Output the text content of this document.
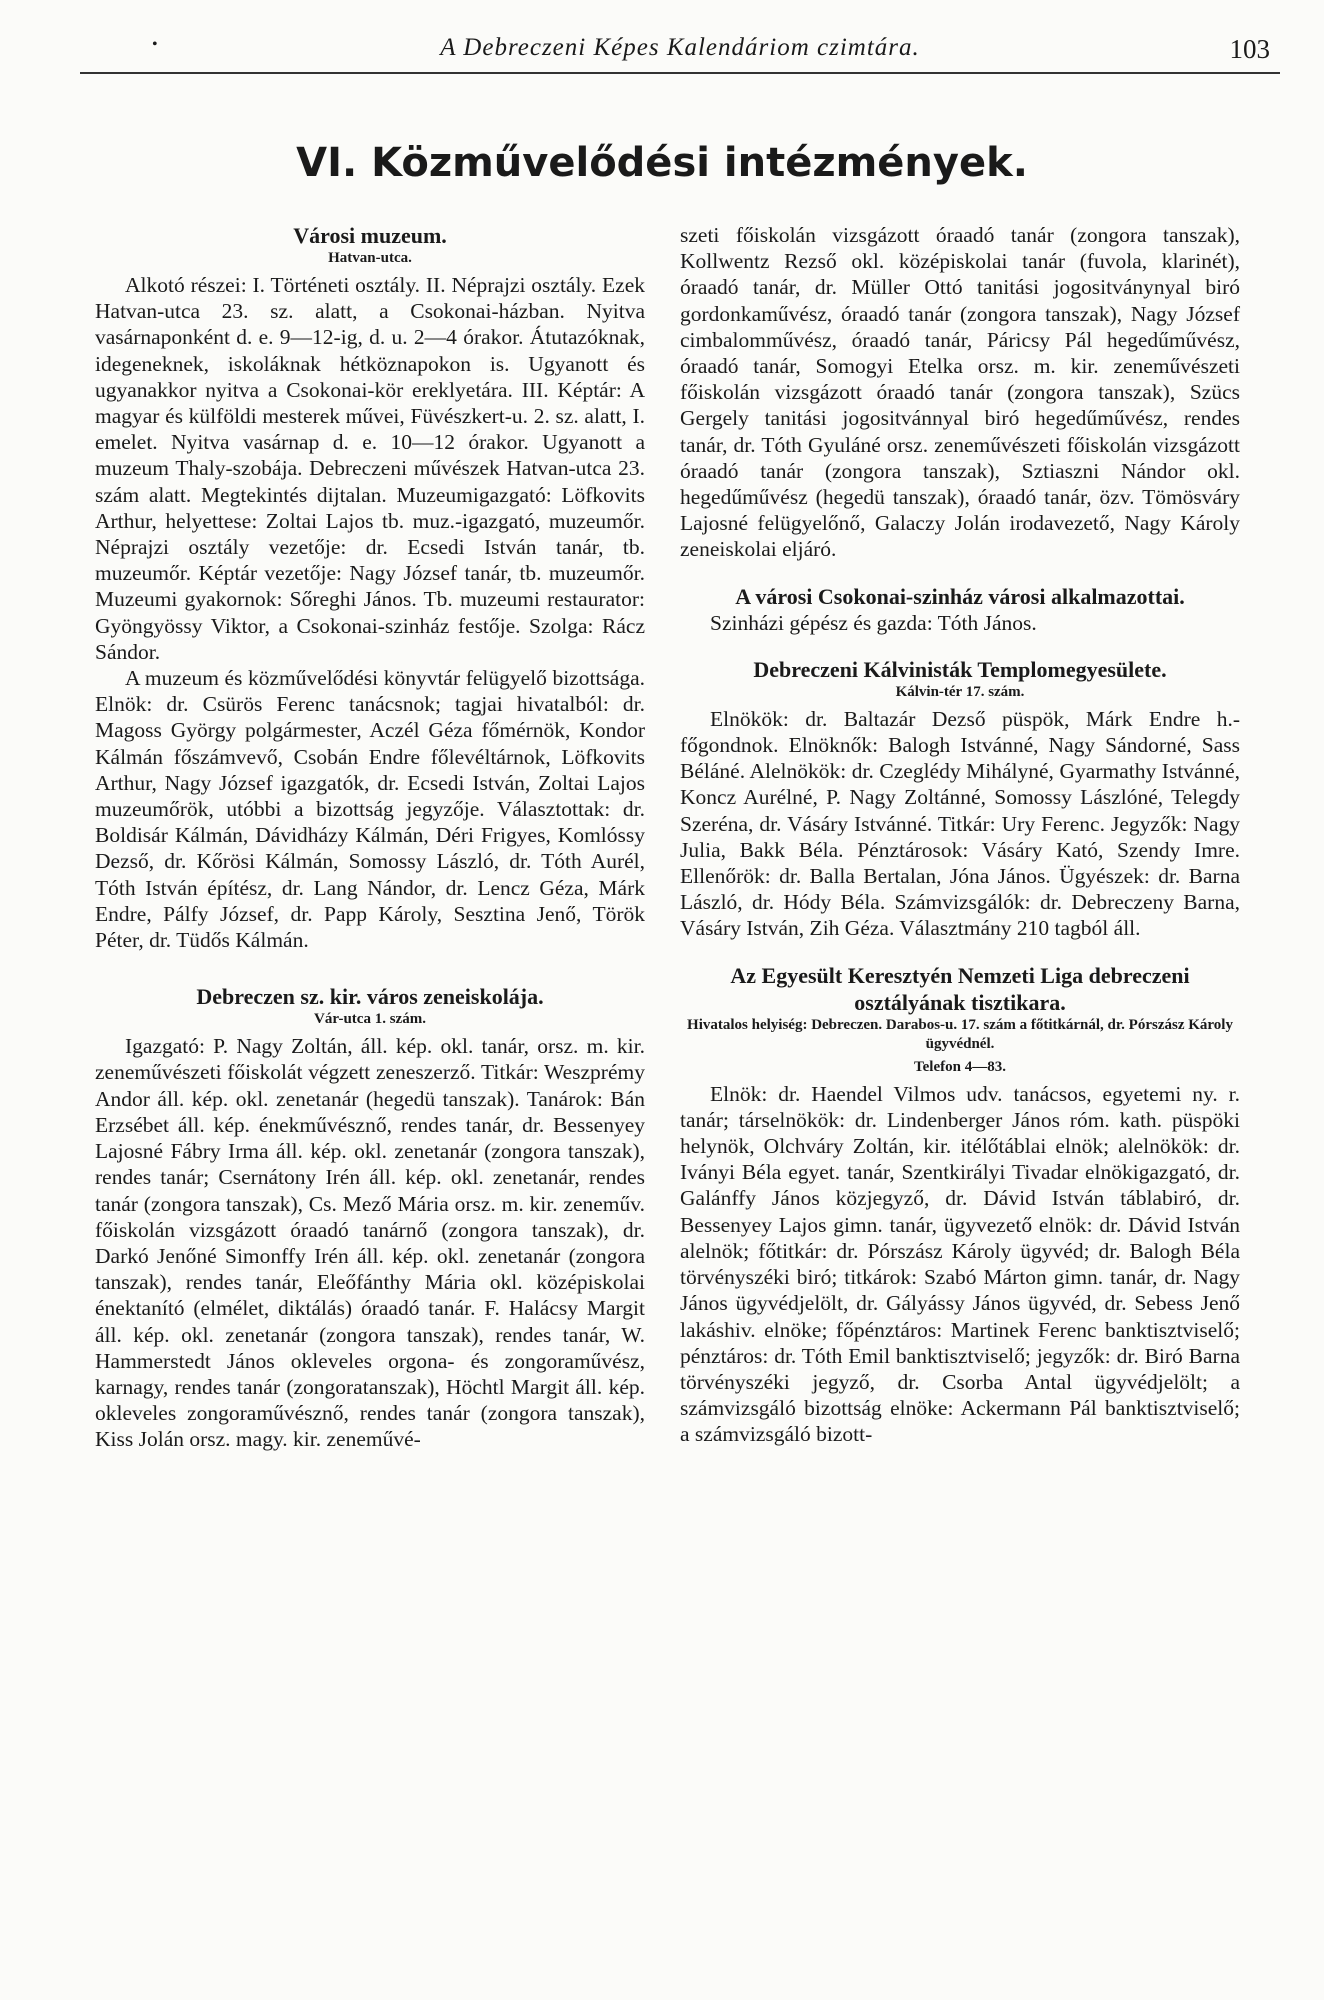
•	A Debreczeni Képes Kalendáriom czimtára.	103
VI. Közművelődési intézmények.
Városi muzeum.
Hatvan-utca.

Alkotó részei: I. Történeti osztály. II. Néprajzi osztály. Ezek Hatvan-utca 23. sz. alatt, a Csokonai-házban. Nyitva vasárnaponként d. e. 9—12-ig, d. u. 2—4 órakor. Átutazóknak, idegeneknek, iskoláknak hétköznapokon is. Ugyanott és ugyanakkor nyitva a Csokonai-kör ereklyetára. III. Képtár: A magyar és külföldi mesterek művei, Füvészkert-u. 2. sz. alatt, I. emelet. Nyitva vasárnap d. e. 10—12 órakor. Ugyanott a muzeum Thaly-szobája. Debreczeni művészek Hatvan-utca 23. szám alatt. Megtekintés dijtalan. Muzeumigazgató: Löfkovits Arthur, helyettese: Zoltai Lajos tb. muz.-igazgató, muzeumőr. Néprajzi osztály vezetője: dr. Ecsedi István tanár, tb. muzeumőr. Képtár vezetője: Nagy József tanár, tb. muzeumőr. Muzeumi gyakornok: Sőreghi János. Tb. muzeumi restaurator: Gyöngyössy Viktor, a Csokonai-szinház festője. Szolga: Rácz Sándor.

A muzeum és közművelődési könyvtár felügyelő bizottsága. Elnök: dr. Csürös Ferenc tanácsnok; tagjai hivatalból: dr. Magoss György polgármester, Aczél Géza főmérnök, Kondor Kálmán főszámvevő, Csobán Endre főlevéltárnok, Löfkovits Arthur, Nagy József igazgatók, dr. Ecsedi István, Zoltai Lajos muzeumőrök, utóbbi a bizottság jegyzője. Választottak: dr. Boldisár Kálmán, Dávidházy Kálmán, Déri Frigyes, Komlóssy Dezső, dr. Kőrösi Kálmán, Somossy László, dr. Tóth Aurél, Tóth István építész, dr. Lang Nándor, dr. Lencz Géza, Márk Endre, Pálfy József, dr. Papp Károly, Sesztina Jenő, Török Péter, dr. Tüdős Kálmán.

Debreczen sz. kir. város zeneiskolája.
Vár-utca 1. szám.

Igazgató: P. Nagy Zoltán, áll. kép. okl. tanár, orsz. m. kir. zeneművészeti főiskolát végzett zeneszerző. Titkár: Weszprémy Andor áll. kép. okl. zenetanár (hegedü tanszak). Tanárok: Bán Erzsébet áll. kép. énekművésznő, rendes tanár, dr. Bessenyey Lajosné Fábry Irma áll. kép. okl. zenetanár (zongora tanszak), rendes tanár; Csernátony Irén áll. kép. okl. zenetanár, rendes tanár (zongora tanszak), Cs. Mező Mária orsz. m. kir. zeneműv. főiskolán vizsgázott óraadó tanárnő (zongora tanszak), dr. Darkó Jenőné Simonffy Irén áll. kép. okl. zenetanár (zongora tanszak), rendes tanár, Eleőfánthy Mária okl. középiskolai énektanító (elmélet, diktálás) óraadó tanár. F. Halácsy Margit áll. kép. okl. zenetanár (zongora tanszak), rendes tanár, W. Hammerstedt János okleveles orgona- és zongoraművész, karnagy, rendes tanár (zongoratanszak), Höchtl Margit áll. kép. okleveles zongoraművésznő, rendes tanár (zongora tanszak), Kiss Jolán orsz. magy. kir. zeneművé-

szeti főiskolán vizsgázott óraadó tanár (zongora tanszak), Kollwentz Rezső okl. középiskolai tanár (fuvola, klarinét), óraadó tanár, dr. Müller Ottó tanitási jogositványnyal biró gordonkaművész, óraadó tanár (zongora tanszak), Nagy József cimbalomművész, óraadó tanár, Páricsy Pál hegedűművész, óraadó tanár, Somogyi Etelka orsz. m. kir. zeneművészeti főiskolán vizsgázott óraadó tanár (zongora tanszak), Szücs Gergely tanitási jogositvánnyal biró hegedűművész, rendes tanár, dr. Tóth Gyuláné orsz. zeneművészeti főiskolán vizsgázott óraadó tanár (zongora tanszak), Sztiaszni Nándor okl. hegedűművész (hegedü tanszak), óraadó tanár, özv. Tömösváry Lajosné felügyelőnő, Galaczy Jolán irodavezető, Nagy Károly zeneiskolai eljáró.

A városi Csokonai-szinház városi alkalmazottai.

Szinházi gépész és gazda: Tóth János.

Debreczeni Kálvinisták Templomegyesülete.
Kálvin-tér 17. szám.

Elnökök: dr. Baltazár Dezső püspök, Márk Endre h.-főgondnok. Elnöknők: Balogh Istvánné, Nagy Sándorné, Sass Béláné. Alelnökök: dr. Czeglédy Mihályné, Gyarmathy Istvánné, Koncz Aurélné, P. Nagy Zoltánné, Somossy Lászlóné, Telegdy Szeréna, dr. Vásáry Istvánné. Titkár: Ury Ferenc. Jegyzők: Nagy Julia, Bakk Béla. Pénztárosok: Vásáry Kató, Szendy Imre. Ellenőrök: dr. Balla Bertalan, Jóna János. Ügyészek: dr. Barna László, dr. Hódy Béla. Számvizsgálók: dr. Debreczeny Barna, Vásáry István, Zih Géza. Választmány 210 tagból áll.

Az Egyesült Keresztyén Nemzeti Liga debreczeni osztályának tisztikara.
Hivatalos helyiség: Debreczen. Darabos-u. 17. szám a főtitkárnál, dr. Pórszász Károly ügyvédnél.
Telefon 4—83.

Elnök: dr. Haendel Vilmos udv. tanácsos, egyetemi ny. r. tanár; társelnökök: dr. Lindenberger János róm. kath. püspöki helynök, Olchváry Zoltán, kir. itélőtáblai elnök; alelnökök: dr. Iványi Béla egyet. tanár, Szentkirályi Tivadar elnökigazgató, dr. Galánffy János közjegyző, dr. Dávid István táblabiró, dr. Bessenyey Lajos gimn. tanár, ügyvezető elnök: dr. Dávid István alelnök; főtitkár: dr. Pórszász Károly ügyvéd; dr. Balogh Béla törvényszéki biró; titkárok: Szabó Márton gimn. tanár, dr. Nagy János ügyvédjelölt, dr. Gályássy János ügyvéd, dr. Sebess Jenő lakáshiv. elnöke; főpénztáros: Martinek Ferenc banktisztviselő; pénztáros: dr. Tóth Emil banktisztviselő; jegyzők: dr. Biró Barna törvényszéki jegyző, dr. Csorba Antal ügyvédjelölt; a számvizsgáló bizottság elnöke: Ackermann Pál banktisztviselő; a számvizsgáló bizott-
